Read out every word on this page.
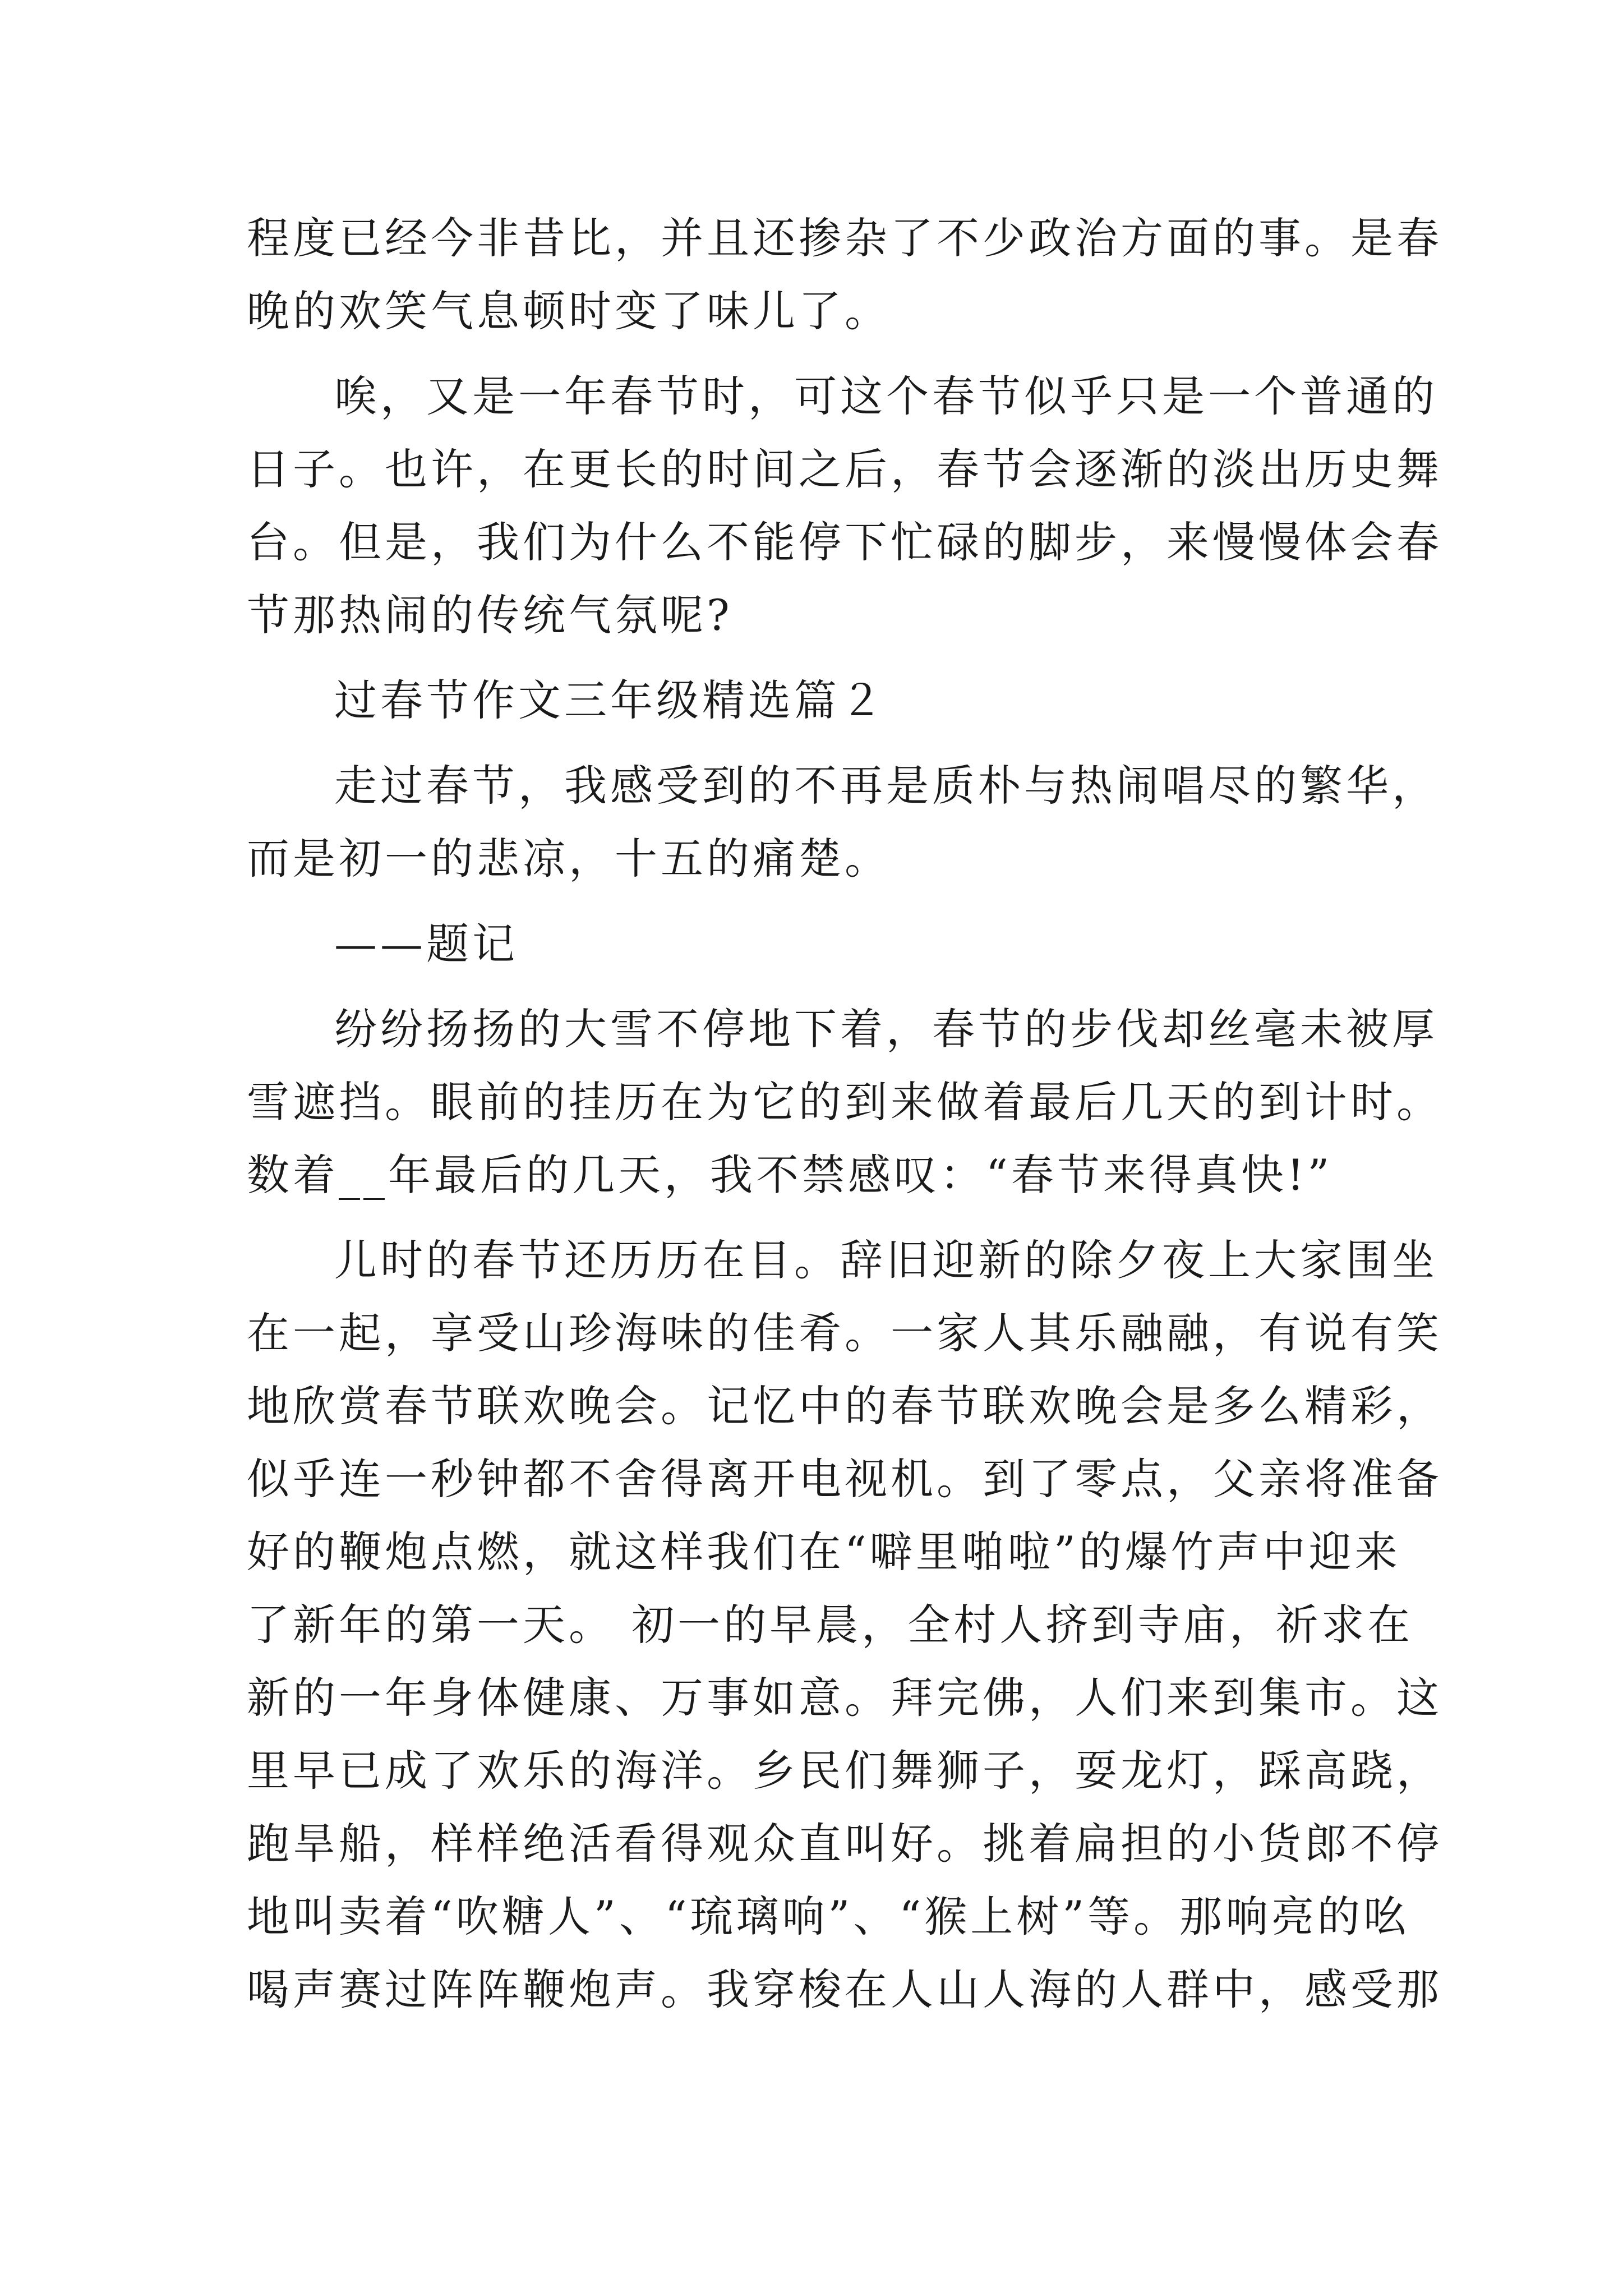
程度已经今非昔比，并且还掺杂了不少政治方面的事。是春
晚的欢笑气息顿时变了味儿了。
唉，又是一年春节时，可这个春节似乎只是一个普通的
日子。也许，在更长的时间之后，春节会逐渐的淡出历史舞
台。但是，我们为什么不能停下忙碌的脚步，来慢慢体会春
节那热闹的传统气氛呢?
过春节作文三年级精选篇２
走过春节，我感受到的不再是质朴与热闹唱尽的繁华，
而是初一的悲凉，十五的痛楚。
——题记
纷纷扬扬的大雪不停地下着，春节的步伐却丝毫未被厚
雪遮挡。眼前的挂历在为它的到来做着最后几天的到计时。
数着__年最后的几天，我不禁感叹：“春节来得真快!”
儿时的春节还历历在目。辞旧迎新的除夕夜上大家围坐
在一起，享受山珍海味的佳肴。一家人其乐融融，有说有笑
地欣赏春节联欢晚会。记忆中的春节联欢晚会是多么精彩，
似乎连一秒钟都不舍得离开电视机。到了零点，父亲将准备
好的鞭炮点燃，就这样我们在“噼里啪啦”的爆竹声中迎来
了新年的第一天。 初一的早晨，全村人挤到寺庙，祈求在
新的一年身体健康、万事如意。拜完佛，人们来到集市。这
里早已成了欢乐的海洋。乡民们舞狮子，耍龙灯，踩高跷，
跑旱船，样样绝活看得观众直叫好。挑着扁担的小货郎不停
地叫卖着“吹糖人”、“琉璃响”、“猴上树”等。那响亮的吆
喝声赛过阵阵鞭炮声。我穿梭在人山人海的人群中，感受那
